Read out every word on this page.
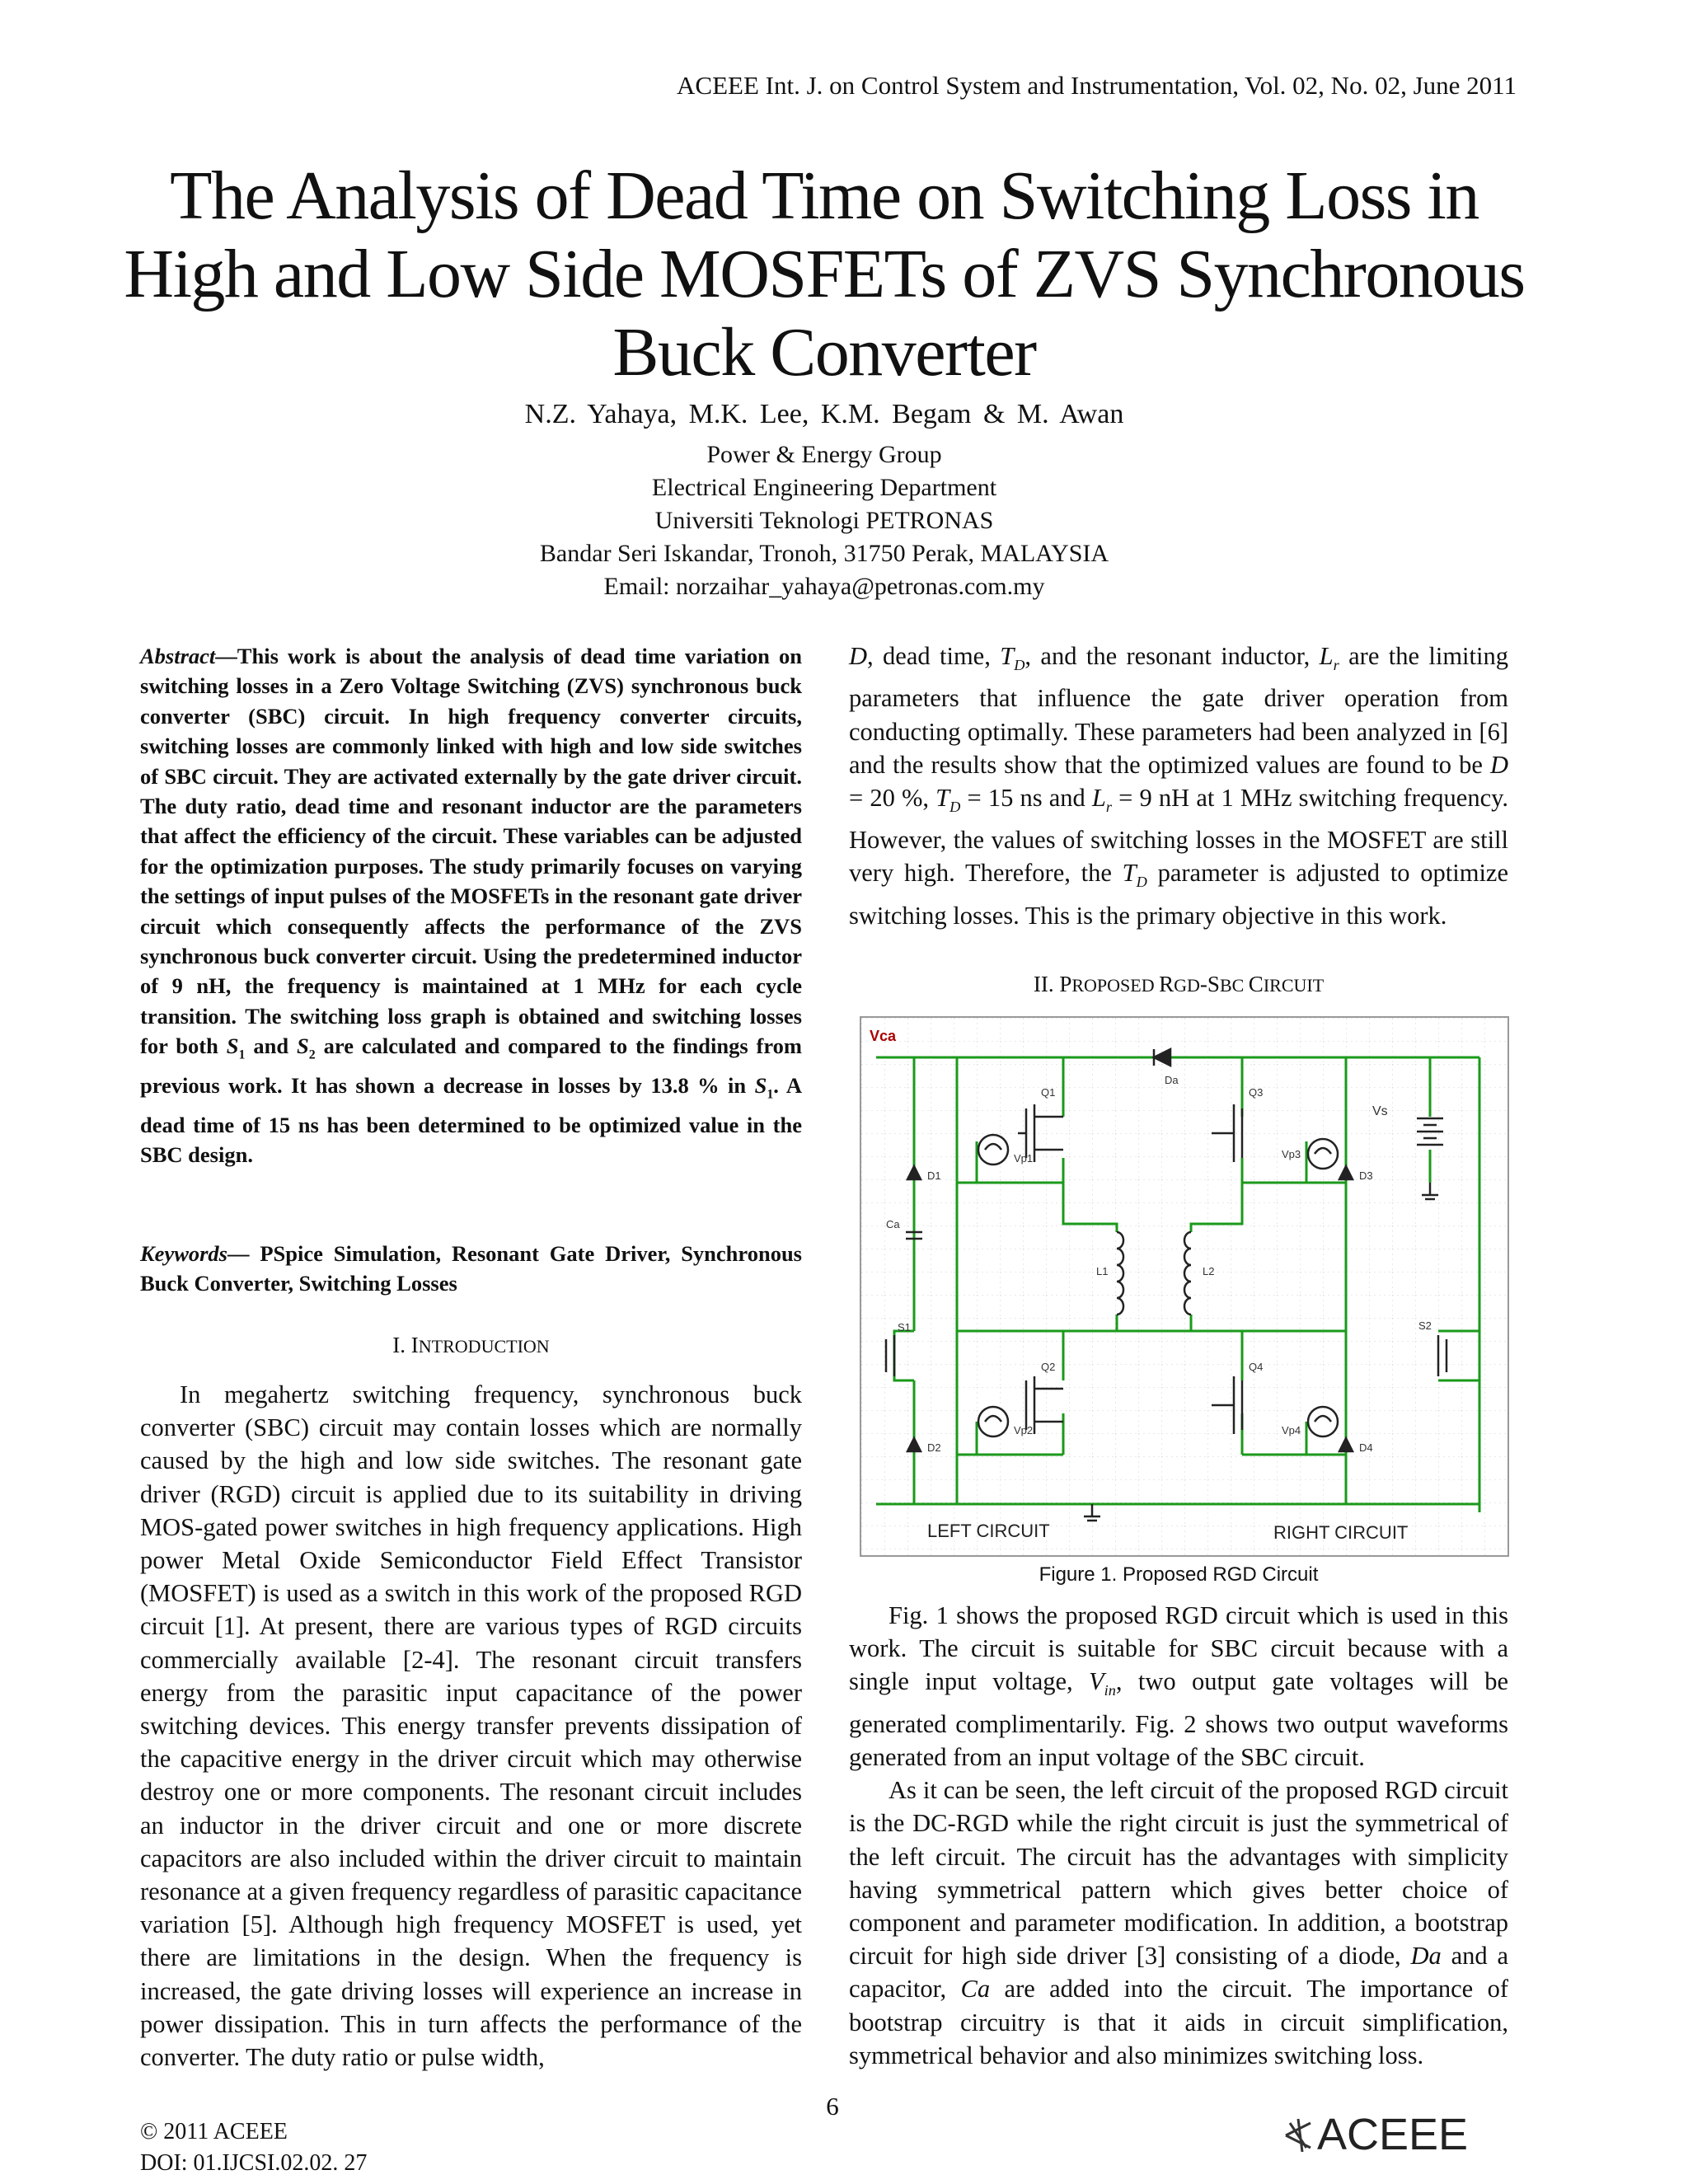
ACEEE Int. J. on Control System and Instrumentation, Vol. 02, No. 02, June 2011
The Analysis of Dead Time on Switching Loss in High and Low Side MOSFETs of ZVS Synchronous Buck Converter
N.Z. Yahaya, M.K. Lee, K.M. Begam & M. Awan
Power & Energy Group
Electrical Engineering Department
Universiti Teknologi PETRONAS
Bandar Seri Iskandar, Tronoh, 31750 Perak, MALAYSIA
Email: norzaihar_yahaya@petronas.com.my
Abstract—This work is about the analysis of dead time variation on switching losses in a Zero Voltage Switching (ZVS) synchronous buck converter (SBC) circuit. In high frequency converter circuits, switching losses are commonly linked with high and low side switches of SBC circuit. They are activated externally by the gate driver circuit. The duty ratio, dead time and resonant inductor are the parameters that affect the efficiency of the circuit. These variables can be adjusted for the optimization purposes. The study primarily focuses on varying the settings of input pulses of the MOSFETs in the resonant gate driver circuit which consequently affects the performance of the ZVS synchronous buck converter circuit. Using the predetermined inductor of 9 nH, the frequency is maintained at 1 MHz for each cycle transition. The switching loss graph is obtained and switching losses for both $S_1$ and $S_2$ are calculated and compared to the findings from previous work. It has shown a decrease in losses by 13.8 % in $S_1$. A dead time of 15 ns has been determined to be optimized value in the SBC design.
Keywords— PSpice Simulation, Resonant Gate Driver, Synchronous Buck Converter, Switching Losses
I. INTRODUCTION

In megahertz switching frequency, synchronous buck converter (SBC) circuit may contain losses which are normally caused by the high and low side switches. The resonant gate driver (RGD) circuit is applied due to its suitability in driving MOS-gated power switches in high frequency applications. High power Metal Oxide Semiconductor Field Effect Transistor (MOSFET) is used as a switch in this work of the proposed RGD circuit [1]. At present, there are various types of RGD circuits commercially available [2-4]. The resonant circuit transfers energy from the parasitic input capacitance of the power switching devices. This energy transfer prevents dissipation of the capacitive energy in the driver circuit which may otherwise destroy one or more components. The resonant circuit includes an inductor in the driver circuit and one or more discrete capacitors are also included within the driver circuit to maintain resonance at a given frequency regardless of parasitic capacitance variation [5]. Although high frequency MOSFET is used, yet there are limitations in the design. When the frequency is increased, the gate driving losses will experience an increase in power dissipation. This in turn affects the performance of the converter. The duty ratio or pulse width,

D, dead time, $T_D$, and the resonant inductor, $L_r$ are the limiting parameters that influence the gate driver operation from conducting optimally. These parameters had been analyzed in [6] and the results show that the optimized values are found to be D = 20 %, $T_D = 15$ ns and $L_r = 9$ nH at 1 MHz switching frequency. However, the values of switching losses in the MOSFET are still very high. Therefore, the $T_D$ parameter is adjusted to optimize switching losses. This is the primary objective in this work.
II. PROPOSED RGD-SBC CIRCUIT
Vca
Da
Q1	Q3
Q2	Q4
Vp1
Vp2
Vp3
Vp4
D1
D2
D3
D4
Ca
L1	L2
S1	S2
Vs
LEFT CIRCUIT	RIGHT CIRCUIT
Figure 1. Proposed RGD Circuit

Fig. 1 shows the proposed RGD circuit which is used in this work. The circuit is suitable for SBC circuit because with a single input voltage, $V_{in}$, two output gate voltages will be generated complimentarily. Fig. 2 shows two output waveforms generated from an input voltage of the SBC circuit.

As it can be seen, the left circuit of the proposed RGD circuit is the DC-RGD while the right circuit is just the symmetrical of the left circuit. The circuit has the advantages with simplicity having symmetrical pattern which gives better choice of component and parameter modification. In addition, a bootstrap circuit for high side driver [3] consisting of a diode, Da and a capacitor, Ca are added into the circuit. The importance of bootstrap circuitry is that it aids in circuit simplification, symmetrical behavior and also minimizes switching loss.

6
© 2011 ACEEE
DOI: 01.IJCSI.02.02. 27
ACEEE
